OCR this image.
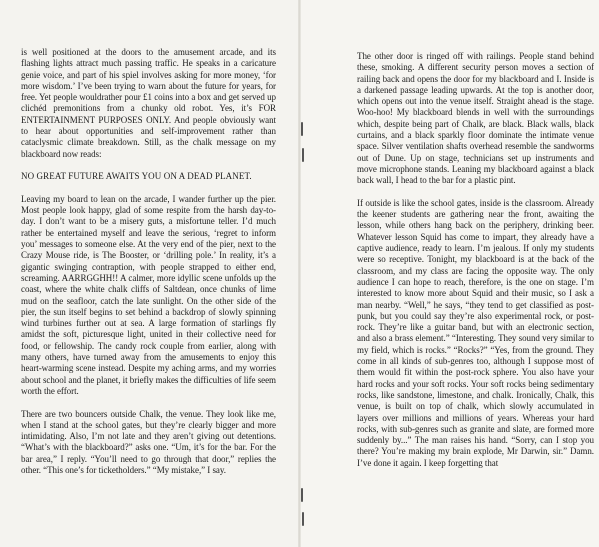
is well positioned at the doors to the amusement arcade, and its flashing lights attract much passing traffic. He speaks in a caricature genie voice, and part of his spiel involves asking for more money, ‘for more wisdom.’ I’ve been trying to warn about the future for years, for free. Yet people wouldrather pour £1 coins into a box and get served up clichéd premonitions from a chunky old robot. Yes, it’s FOR ENTERTAINMENT PURPOSES ONLY. And people obviously want to hear about opportunities and self-improvement rather than cataclysmic climate breakdown. Still, as the chalk message on my blackboard now reads:

NO GREAT FUTURE AWAITS YOU ON A DEAD PLANET.

Leaving my board to lean on the arcade, I wander further up the pier. Most people look happy, glad of some respite from the harsh day-to-day. I don’t want to be a misery guts, a misfortune teller. I’d much rather be entertained myself and leave the serious, ‘regret to inform you’ messages to someone else. At the very end of the pier, next to the Crazy Mouse ride, is The Booster, or ‘drilling pole.’ In reality, it’s a gigantic swinging contraption, with people strapped to either end, screaming. AARRGGHH!! A calmer, more idyllic scene unfolds up the coast, where the white chalk cliffs of Saltdean, once chunks of lime mud on the seafloor, catch the late sunlight. On the other side of the pier, the sun itself begins to set behind a backdrop of slowly spinning wind turbines further out at sea. A large formation of starlings fly amidst the soft, picturesque light, united in their collective need for food, or fellowship. The candy rock couple from earlier, along with many others, have turned away from the amusements to enjoy this heart-warming scene instead. Despite my aching arms, and my worries about school and the planet, it briefly makes the difficulties of life seem worth the effort.

There are two bouncers outside Chalk, the venue. They look like me, when I stand at the school gates, but they’re clearly bigger and more intimidating. Also, I’m not late and they aren’t giving out detentions. “What’s with the blackboard?” asks one. “Um, it’s for the bar. For the bar area,” I reply. “You’ll need to go through that door,” replies the other. “This one’s for ticketholders.” “My mistake,” I say.

The other door is ringed off with railings. People stand behind these, smoking. A different security person moves a section of railing back and opens the door for my blackboard and I. Inside is a darkened passage leading upwards. At the top is another door, which opens out into the venue itself. Straight ahead is the stage. Woo-hoo! My blackboard blends in well with the surroundings which, despite being part of Chalk, are black. Black walls, black curtains, and a black sparkly floor dominate the intimate venue space. Silver ventilation shafts overhead resemble the sandworms out of Dune. Up on stage, technicians set up instruments and move microphone stands. Leaning my blackboard against a black back wall, I head to the bar for a plastic pint.

If outside is like the school gates, inside is the classroom. Already the keener students are gathering near the front, awaiting the lesson, while others hang back on the periphery, drinking beer. Whatever lesson Squid has come to impart, they already have a captive audience, ready to learn. I’m jealous. If only my students were so receptive. Tonight, my blackboard is at the back of the classroom, and my class are facing the opposite way. The only audience I can hope to reach, therefore, is the one on stage. I’m interested to know more about Squid and their music, so I ask a man nearby. “Well,” he says, “they tend to get classified as post-punk, but you could say they’re also experimental rock, or post-rock. They’re like a guitar band, but with an electronic section, and also a brass element.” “Interesting. They sound very similar to my field, which is rocks.” “Rocks?” “Yes, from the ground. They come in all kinds of sub-genres too, although I suppose most of them would fit within the post-rock sphere. You also have your hard rocks and your soft rocks. Your soft rocks being sedimentary rocks, like sandstone, limestone, and chalk. Ironically, Chalk, this venue, is built on top of chalk, which slowly accumulated in layers over millions and millions of years. Whereas your hard rocks, with sub-genres such as granite and slate, are formed more suddenly by...” The man raises his hand. “Sorry, can I stop you there? You’re making my brain explode, Mr Darwin, sir.” Damn. I’ve done it again. I keep forgetting that
